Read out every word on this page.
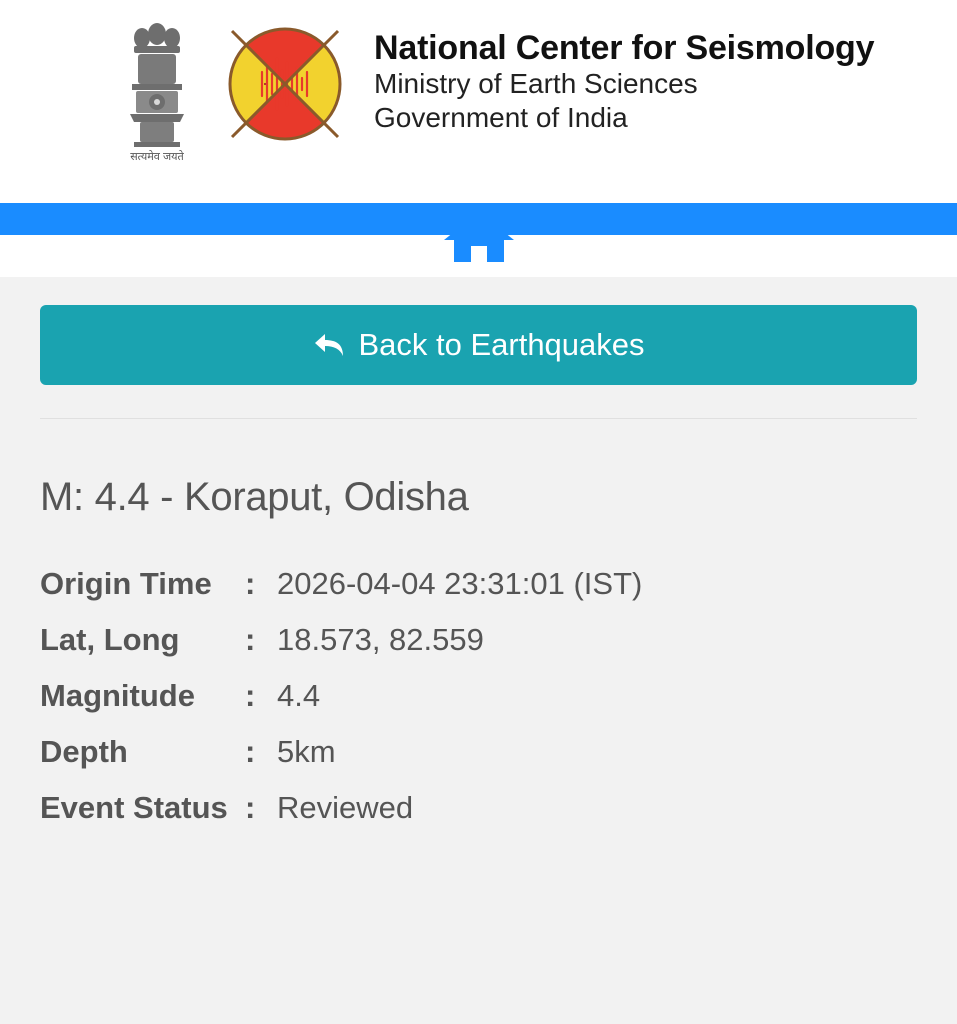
सत्यमेव जयते
National Center for Seismology
Ministry of Earth Sciences
Government of India
Back to Earthquakes
M: 4.4 - Koraput, Odisha
Origin Time	: 2026-04-04 23:31:01 (IST)
Lat, Long	: 18.573, 82.559
Magnitude	: 4.4
Depth	: 5km
Event Status : Reviewed
